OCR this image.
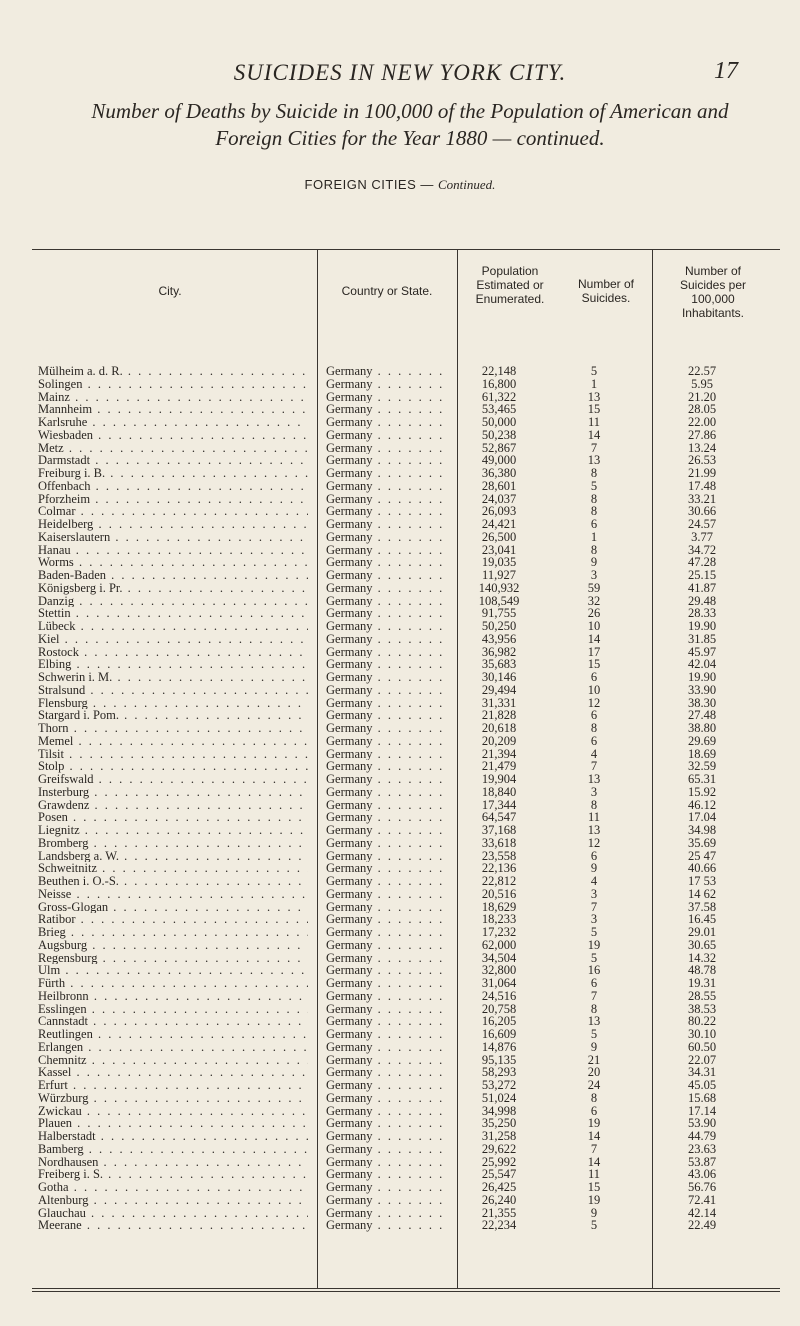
SUICIDES IN NEW YORK CITY.	17
Number of Deaths by Suicide in 100,000 of the Population of American and Foreign Cities for the Year 1880 — continued.
FOREIGN CITIES — Continued.
City.	Country or State.
Population Estimated or Enumerated.
Number of Suicides.
Number of Suicides per 100,000 Inhabitants.
Mülheim a. d. R. . . .	Germany . . .	22,148	5	22.57
Solingen . . .	Germany . . .	16,800	1	5.95
Mainz . . .	Germany . . .	61,322	13	21.20
Mannheim . . .	Germany . . .	53,465	15	28.05
Karlsruhe . . .	Germany . . .	50,000	11	22.00
Wiesbaden . . .	Germany . . .	50,238	14	27.86
Metz . . .	Germany . . .	52,867	7	13.24
Darmstadt . . .	Germany . . .	49,000	13	26.53
Freiburg i. B. . . .	Germany . . .	36,380	8	21.99
Offenbach . . .	Germany . . .	28,601	5	17.48
Pforzheim . . .	Germany . . .	24,037	8	33.21
Colmar . . .	Germany . . .	26,093	8	30.66
Heidelberg . . .	Germany . . .	24,421	6	24.57
Kaiserslautern . . .	Germany . . .	26,500	1	3.77
Hanau . . .	Germany . . .	23,041	8	34.72
Worms . . .	Germany . . .	19,035	9	47.28
Baden-Baden . . .	Germany . . .	11,927	3	25.15
Königsberg i. Pr. . . .	Germany . . .	140,932	59	41.87
Danzig . . .	Germany . . .	108,549	32	29.48
Stettin . . .	Germany . . .	91,755	26	28.33
Lübeck . . .	Germany . . .	50,250	10	19.90
Kiel . . .	Germany . . .	43,956	14	31.85
Rostock . . .	Germany . . .	36,982	17	45.97
Elbing . . .	Germany . . .	35,683	15	42.04
Schwerin i. M. . . .	Germany . . .	30,146	6	19.90
Stralsund . . .	Germany . . .	29,494	10	33.90
Flensburg . . .	Germany . . .	31,331	12	38.30
Stargard i. Pom. . . .	Germany . . .	21,828	6	27.48
Thorn . . .	Germany . . .	20,618	8	38.80
Memel . . .	Germany . . .	20,209	6	29.69
Tilsit . . .	Germany . . .	21,394	4	18.69
Stolp . . .	Germany . . .	21,479	7	32.59
Greifswald . . .	Germany . . .	19,904	13	65.31
Insterburg . . .	Germany . . .	18,840	3	15.92
Grawdenz . . .	Germany . . .	17,344	8	46.12
Posen . . .	Germany . . .	64,547	11	17.04
Liegnitz . . .	Germany . . .	37,168	13	34.98
Bromberg . . .	Germany . . .	33,618	12	35.69
Landsberg a. W. . . .	Germany . . .	23,558	6	25 47
Schweitnitz . . .	Germany . . .	22,136	9	40.66
Beuthen i. O.-S. . . .	Germany . . .	22,812	4	17 53
Neisse . . .	Germany . . .	20,516	3	14 62
Gross-Glogan . . .	Germany . . .	18,629	7	37.58
Ratibor . . .	Germany . . .	18,233	3	16.45
Brieg . . .	Germany . . .	17,232	5	29.01
Augsburg . . .	Germany . . .	62,000	19	30.65
Regensburg . . .	Germany . . .	34,504	5	14.32
Ulm . . .	Germany . . .	32,800	16	48.78
Fürth . . .	Germany . . .	31,064	6	19.31
Heilbronn . . .	Germany . . .	24,516	7	28.55
Esslingen . . .	Germany . . .	20,758	8	38.53
Cannstadt . . .	Germany . . .	16,205	13	80.22
Reutlingen . . .	Germany . . .	16,609	5	30.10
Erlangen . . .	Germany . . .	14,876	9	60.50
Chemnitz . . .	Germany . . .	95,135	21	22.07
Kassel . . .	Germany . . .	58,293	20	34.31
Erfurt . . .	Germany . . .	53,272	24	45.05
Würzburg . . .	Germany . . .	51,024	8	15.68
Zwickau . . .	Germany . . .	34,998	6	17.14
Plauen . . .	Germany . . .	35,250	19	53.90
Halberstadt . . .	Germany . . .	31,258	14	44.79
Bamberg . . .	Germany . . .	29,622	7	23.63
Nordhausen . . .	Germany . . .	25,992	14	53.87
Freiberg i. S. . . .	Germany . . .	25,547	11	43.06
Gotha . . .	Germany . . .	26,425	15	56.76
Altenburg . . .	Germany . . .	26,240	19	72.41
Glauchau . . .	Germany . . .	21,355	9	42.14
Meerane . . .	Germany . . .	22,234	5	22.49
